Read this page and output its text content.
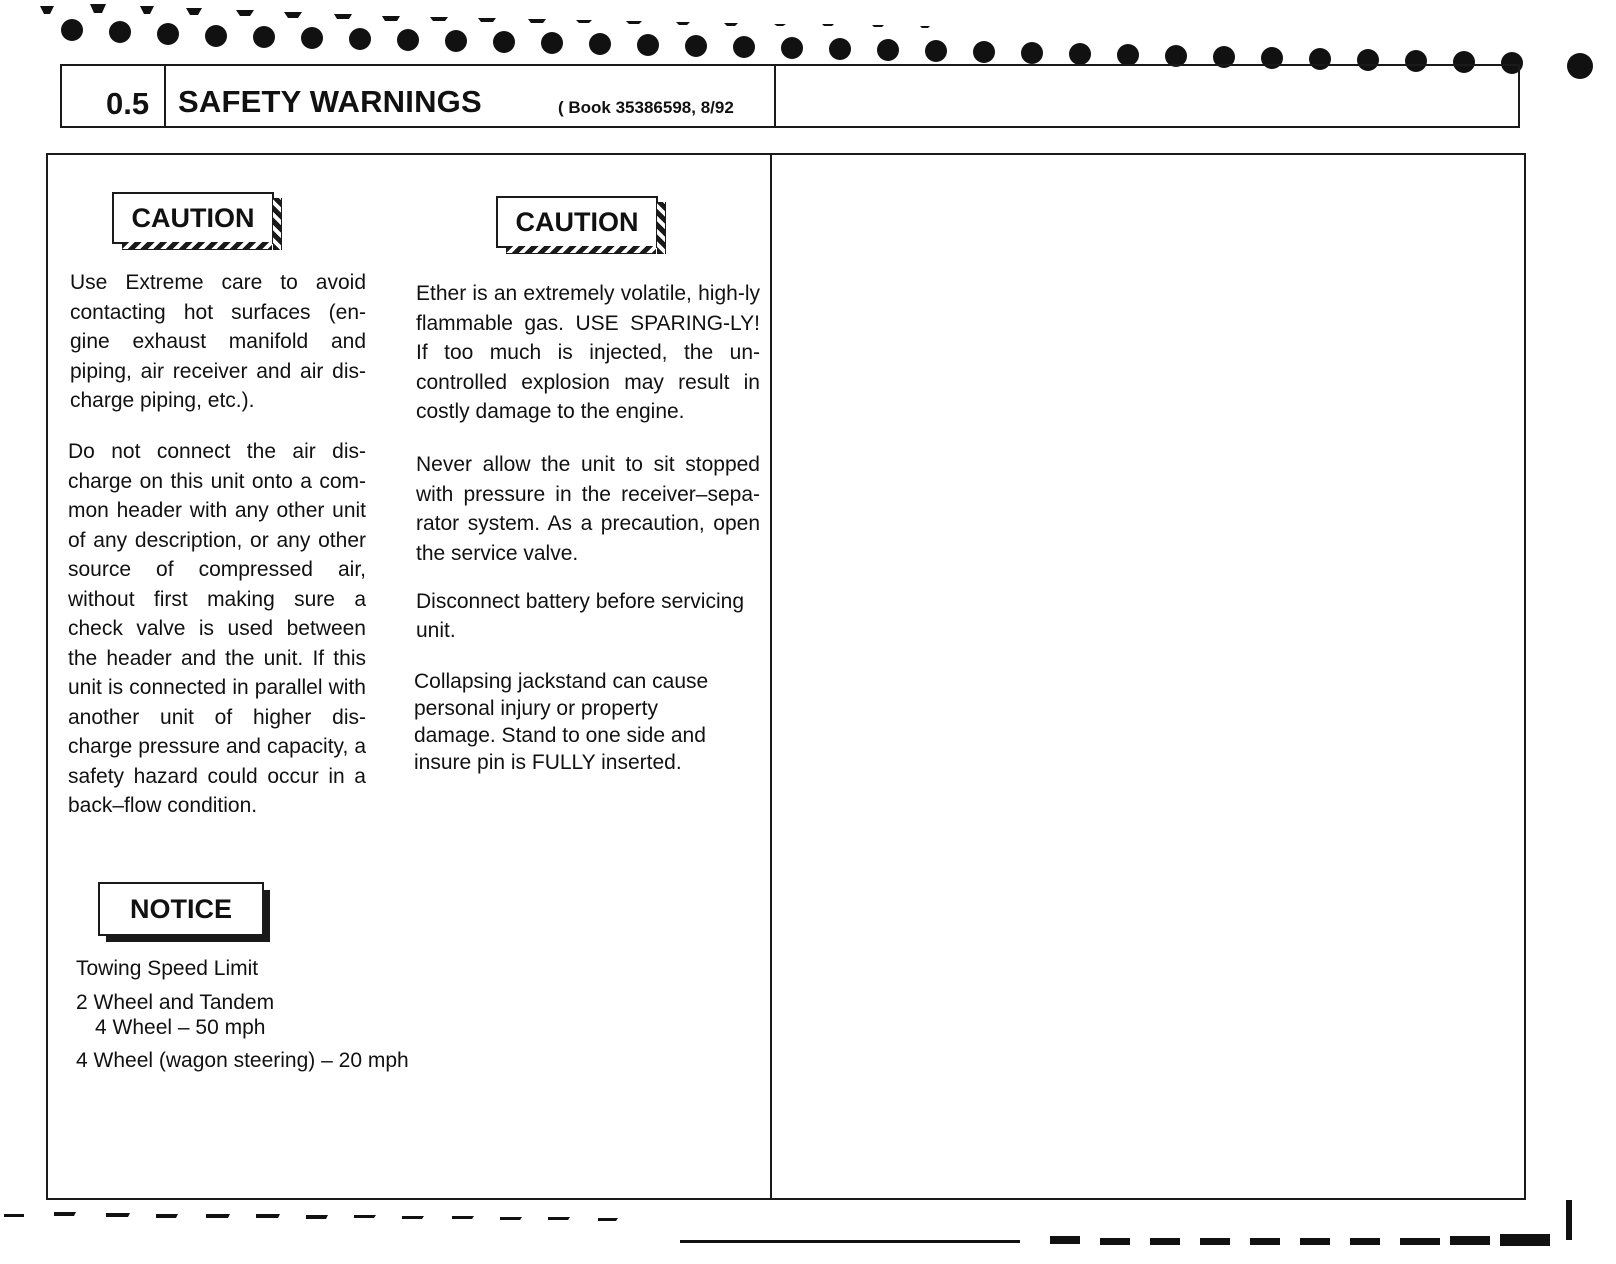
0.5 SAFETY WARNINGS	( Book 35386598, 8/92
CAUTION
Use Extreme care to avoid contacting hot surfaces (en-gine exhaust manifold and piping, air receiver and air dis-charge piping, etc.).
Do not connect the air dis-charge on this unit onto a com-mon header with any other unit of any description, or any other source of compressed air, without first making sure a check valve is used between the header and the unit. If this unit is connected in parallel with another unit of higher dis-charge pressure and capacity, a safety hazard could occur in a back–flow condition.
NOTICE
Towing Speed Limit
2 Wheel and Tandem
4 Wheel – 50 mph
4 Wheel (wagon steering) – 20 mph
CAUTION
Ether is an extremely volatile, high-ly flammable gas. USE SPARING-LY! If too much is injected, the un-controlled explosion may result in costly damage to the engine.
Never allow the unit to sit stopped with pressure in the receiver–sepa-rator system. As a precaution, open the service valve.
Disconnect battery before servicing unit.
Collapsing jackstand can cause personal injury or property damage. Stand to one side and insure pin is FULLY inserted.
